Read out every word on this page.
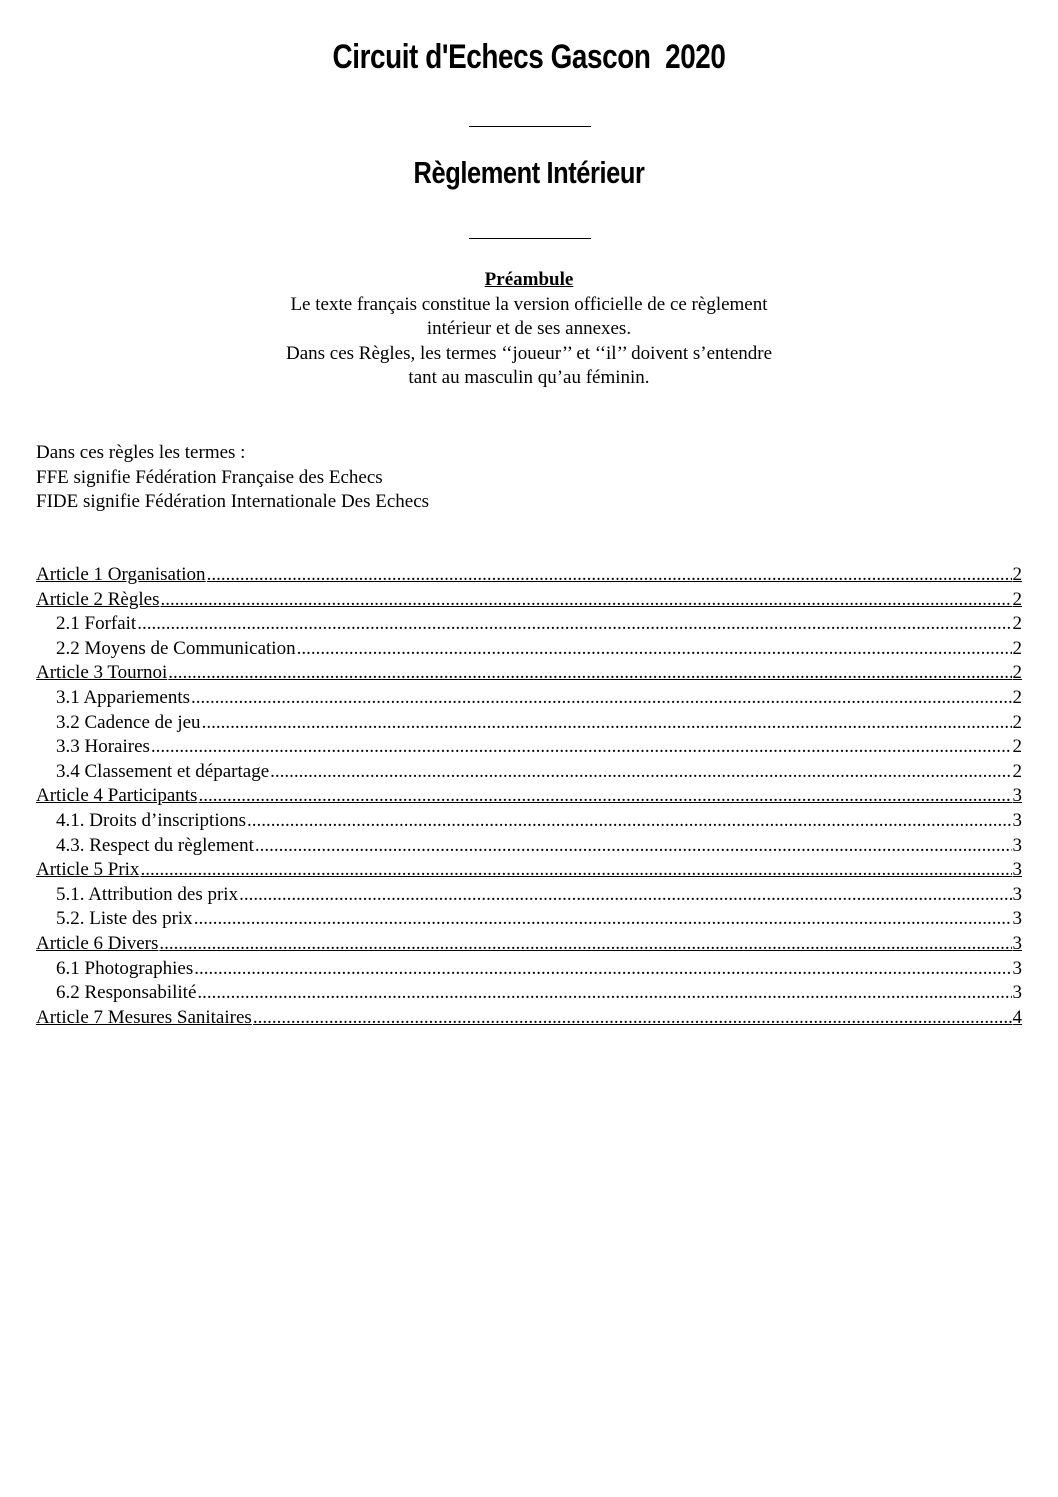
Circuit d'Echecs Gascon  2020
Règlement Intérieur
Préambule
Le texte français constitue la version officielle de ce règlement
intérieur et de ses annexes.
Dans ces Règles, les termes ‘‘joueur’’ et ‘‘il’’ doivent s’entendre
tant au masculin qu’au féminin.
Dans ces règles les termes :
FFE signifie Fédération Française des Echecs
FIDE signifie Fédération Internationale Des Echecs
Article 1 Organisation .....	2
Article 2 Règles .....	2
2.1 Forfait .....	2
2.2 Moyens de Communication .....	2
Article 3 Tournoi .....	2
3.1 Appariements .....	2
3.2 Cadence de jeu .....	2
3.3 Horaires .....	2
3.4 Classement et départage .....	2
Article 4 Participants .....	3
4.1. Droits d’inscriptions .....	3
4.3. Respect du règlement .....	3
Article 5 Prix .....	3
5.1. Attribution des prix .....	3
5.2. Liste des prix .....	3
Article 6 Divers .....	3
6.1 Photographies .....	3
6.2 Responsabilité .....	3
Article 7 Mesures Sanitaires .....	4
